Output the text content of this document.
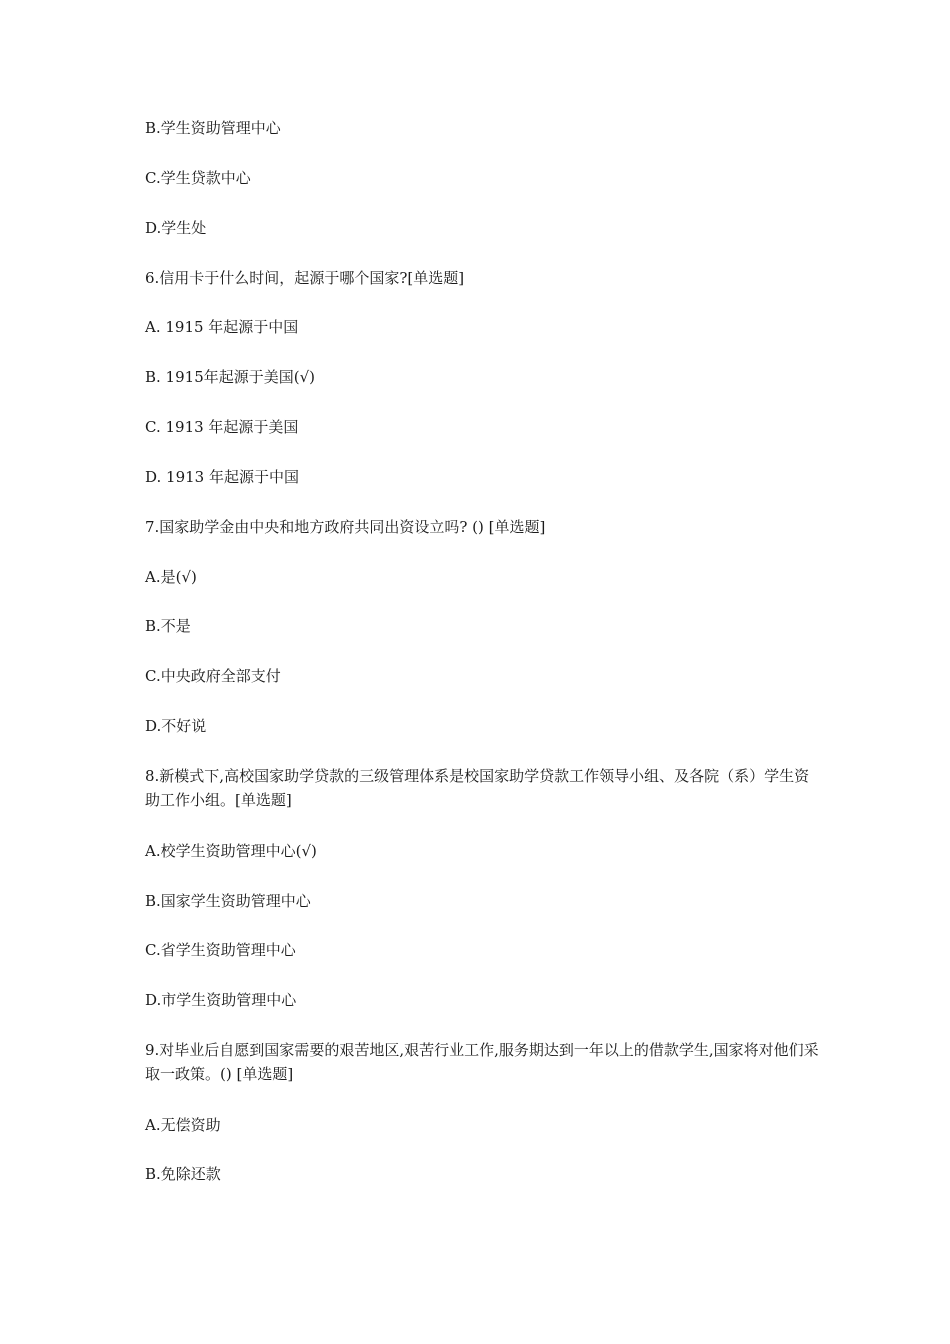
B.学生资助管理中心
C.学生贷款中心
D.学生处
6.信用卡于什么时间，起源于哪个国家?[单选题]
A. 1915 年起源于中国
B. 1915年起源于美国(√)
C. 1913 年起源于美国
D. 1913 年起源于中国
7.国家助学金由中央和地方政府共同出资设立吗? () [单选题]
A.是(√)
B.不是
C.中央政府全部支付
D.不好说
8.新模式下,高校国家助学贷款的三级管理体系是校国家助学贷款工作领导小组、及各院（系）学生资助工作小组。[单选题]
A.校学生资助管理中心(√)
B.国家学生资助管理中心
C.省学生资助管理中心
D.市学生资助管理中心
9.对毕业后自愿到国家需要的艰苦地区,艰苦行业工作,服务期达到一年以上的借款学生,国家将对他们采取一政策。() [单选题]
A.无偿资助
B.免除还款
